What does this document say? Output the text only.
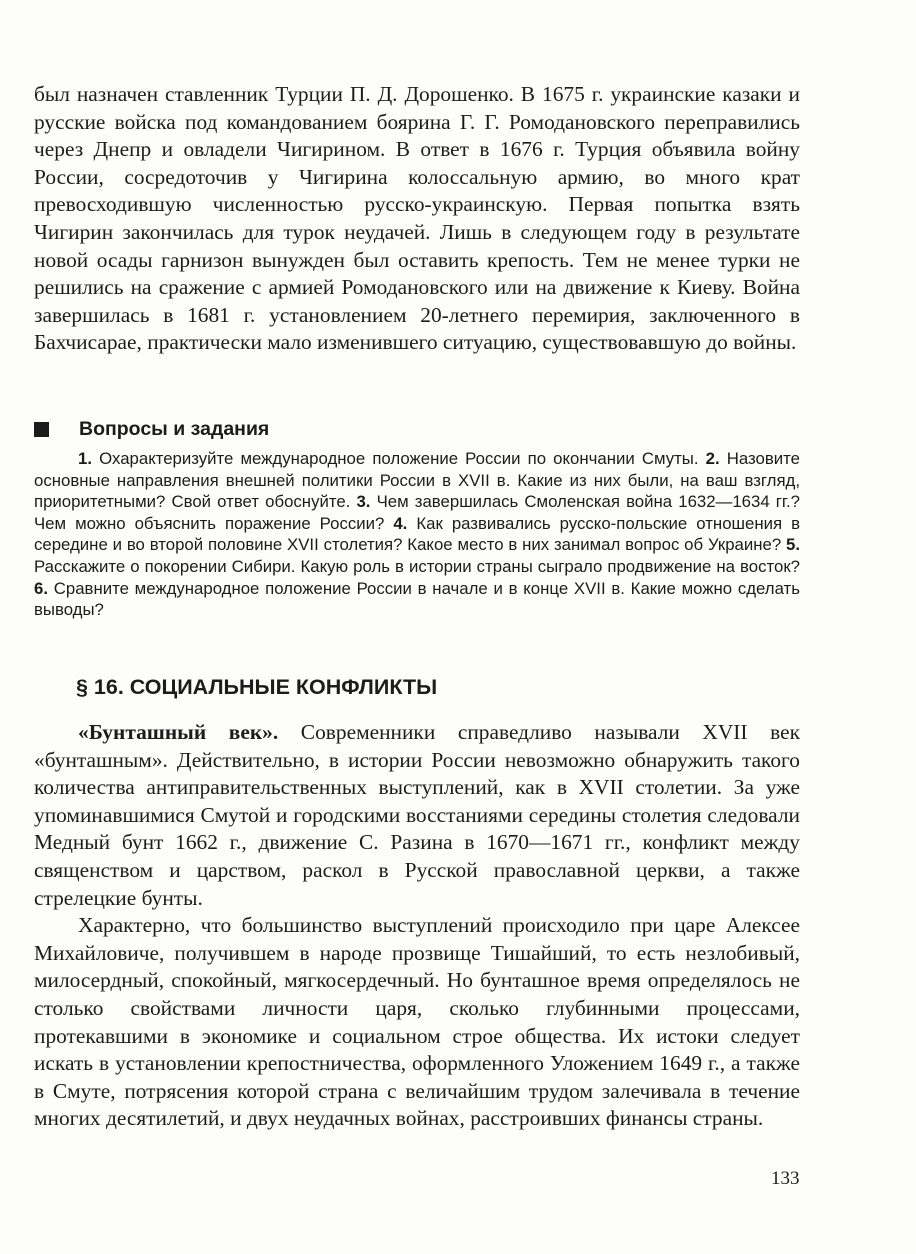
был назначен ставленник Турции П. Д. Дорошенко. В 1675 г. украинские казаки и русские войска под командованием боярина Г. Г. Ромодановского переправились через Днепр и овладели Чигирином. В ответ в 1676 г. Турция объявила войну России, сосредоточив у Чигирина колоссальную армию, во много крат превосходившую численностью русско-украинскую. Первая попытка взять Чигирин закончилась для турок неудачей. Лишь в следующем году в результате новой осады гарнизон вынужден был оставить крепость. Тем не менее турки не решились на сражение с армией Ромодановского или на движение к Киеву. Война завершилась в 1681 г. установлением 20-летнего перемирия, заключенного в Бахчисарае, практически мало изменившего ситуацию, существовавшую до войны.

Вопросы и задания

1. Охарактеризуйте международное положение России по окончании Смуты. 2. Назовите основные направления внешней политики России в XVII в. Какие из них были, на ваш взгляд, приоритетными? Свой ответ обоснуйте. 3. Чем завершилась Смоленская война 1632—1634 гг.? Чем можно объяснить поражение России? 4. Как развивались русско-польские отношения в середине и во второй половине XVII столетия? Какое место в них занимал вопрос об Украине? 5. Расскажите о покорении Сибири. Какую роль в истории страны сыграло продвижение на восток? 6. Сравните международное положение России в начале и в конце XVII в. Какие можно сделать выводы?

§ 16. СОЦИАЛЬНЫЕ КОНФЛИКТЫ

«Бунташный век». Современники справедливо называли XVII век «бунташным». Действительно, в истории России невозможно обнаружить такого количества антиправительственных выступлений, как в XVII столетии. За уже упоминавшимися Смутой и городскими восстаниями середины столетия следовали Медный бунт 1662 г., движение С. Разина в 1670—1671 гг., конфликт между священством и царством, раскол в Русской православной церкви, а также стрелецкие бунты.

Характерно, что большинство выступлений происходило при царе Алексее Михайловиче, получившем в народе прозвище Тишайший, то есть незлобивый, милосердный, спокойный, мягкосердечный. Но бунташное время определялось не столько свойствами личности царя, сколько глубинными процессами, протекавшими в экономике и социальном строе общества. Их истоки следует искать в установлении крепостничества, оформленного Уложением 1649 г., а также в Смуте, потрясения которой страна с величайшим трудом залечивала в течение многих десятилетий, и двух неудачных войнах, расстроивших финансы страны.

133
